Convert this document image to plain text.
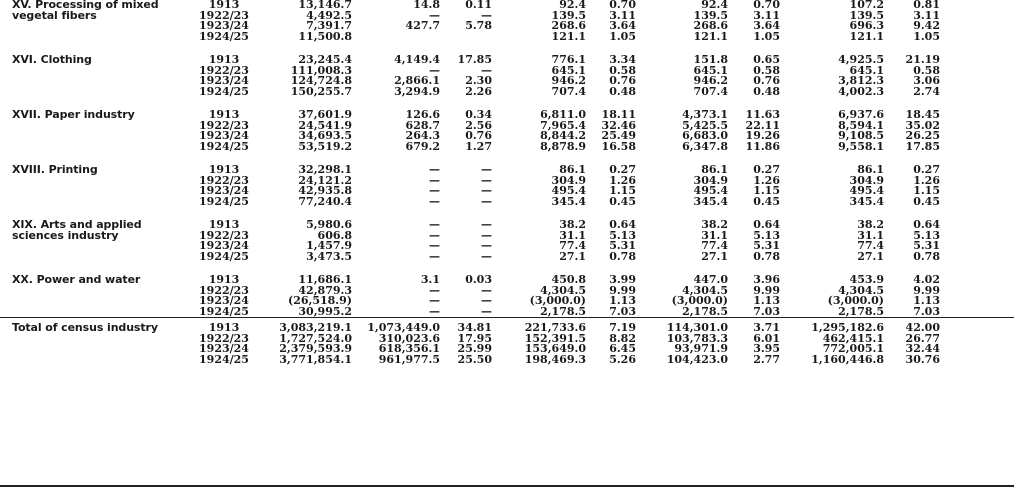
XV. Processing of mixed	1913	13,146.7	14.8	0.11	92.4	0.70	92.4	0.70	107.2	0.81	
vegetal fibers	1922/23	4,492.5	—	—	139.5	3.11	139.5	3.11	139.5	3.11	
	1923/24	7,391.7	427.7	5.78	268.6	3.64	268.6	3.64	696.3	9.42	
	1924/25	11,500.8			121.1	1.05	121.1	1.05	121.1	1.05	

XVI. Clothing	1913	23,245.4	4,149.4	17.85	776.1	3.34	151.8	0.65	4,925.5	21.19	
	1922/23	111,008.3	—	—	645.1	0.58	645.1	0.58	645.1	0.58	
	1923/24	124,724.8	2,866.1	2.30	946.2	0.76	946.2	0.76	3,812.3	3.06	
	1924/25	150,255.7	3,294.9	2.26	707.4	0.48	707.4	0.48	4,002.3	2.74	

XVII. Paper industry	1913	37,601.9	126.6	0.34	6,811.0	18.11	4,373.1	11.63	6,937.6	18.45	
	1922/23	24,541.9	628.7	2.56	7,965.4	32.46	5,425.5	22.11	8,594.1	35.02	
	1923/24	34,693.5	264.3	0.76	8,844.2	25.49	6,683.0	19.26	9,108.5	26.25	
	1924/25	53,519.2	679.2	1.27	8,878.9	16.58	6,347.8	11.86	9,558.1	17.85	

XVIII. Printing	1913	32,298.1	—	—	86.1	0.27	86.1	0.27	86.1	0.27	
	1922/23	24,121.2	—	—	304.9	1.26	304.9	1.26	304.9	1.26	
	1923/24	42,935.8	—	—	495.4	1.15	495.4	1.15	495.4	1.15	
	1924/25	77,240.4	—	—	345.4	0.45	345.4	0.45	345.4	0.45	

XIX. Arts and applied	1913	5,980.6	—	—	38.2	0.64	38.2	0.64	38.2	0.64	
sciences industry	1922/23	606.8	—	—	31.1	5.13	31.1	5.13	31.1	5.13	
	1923/24	1,457.9	—	—	77.4	5.31	77.4	5.31	77.4	5.31	
	1924/25	3,473.5	—	—	27.1	0.78	27.1	0.78	27.1	0.78	

XX. Power and water	1913	11,686.1	3.1	0.03	450.8	3.99	447.0	3.96	453.9	4.02	
	1922/23	42,879.3	—	—	4,304.5	9.99	4,304.5	9.99	4,304.5	9.99	
	1923/24	(26,518.9)	—	—	(3,000.0)	1.13	(3,000.0)	1.13	(3,000.0)	1.13	
	1924/25	30,995.2	—	—	2,178.5	7.03	2,178.5	7.03	2,178.5	7.03	

Total of census industry	1913	3,083,219.1	1,073,449.0	34.81	221,733.6	7.19	114,301.0	3.71	1,295,182.6	42.00	
	1922/23	1,727,524.0	310,023.6	17.95	152,391.5	8.82	103,783.3	6.01	462,415.1	26.77	
	1923/24	2,379,593.9	618,356.1	25.99	153,649.0	6.45	93,971.9	3.95	772,005.1	32.44	
	1924/25	3,771,854.1	961,977.5	25.50	198,469.3	5.26	104,423.0	2.77	1,160,446.8	30.76	
